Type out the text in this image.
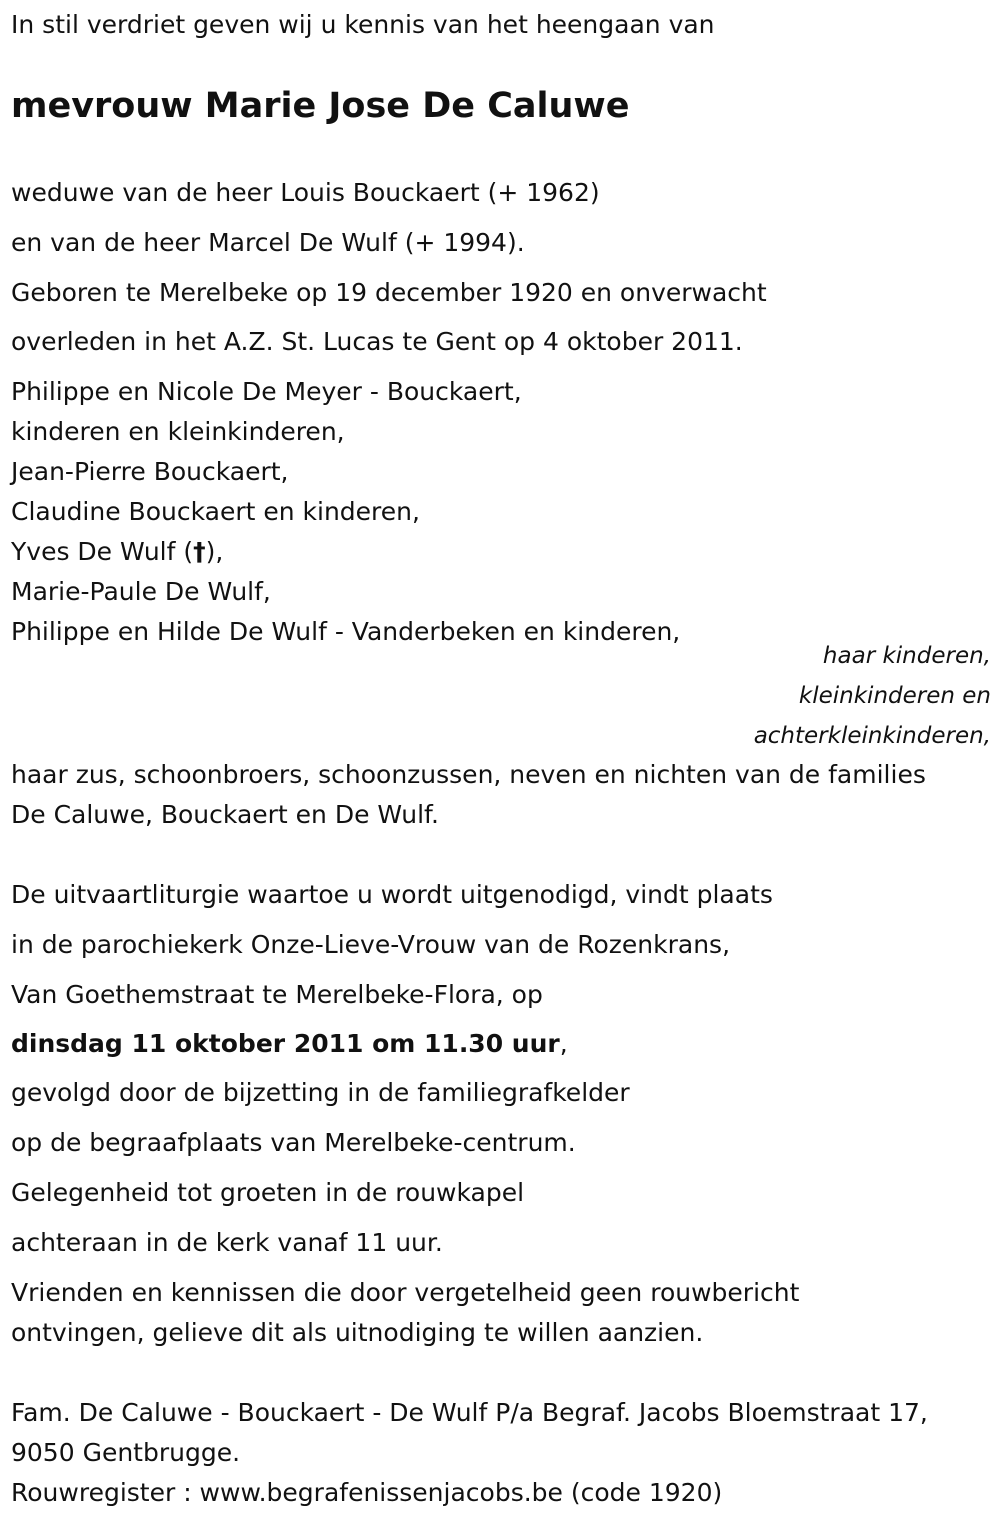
In stil verdriet geven wij u kennis van het heengaan van

mevrouw Marie Jose De Caluwe

weduwe van de heer Louis Bouckaert (+ 1962)

en van de heer Marcel De Wulf (+ 1994).

Geboren te Merelbeke op 19 december 1920 en onverwacht

overleden in het A.Z. St. Lucas te Gent op 4 oktober 2011.

Philippe en Nicole De Meyer - Bouckaert,

kinderen en kleinkinderen,

Jean-Pierre Bouckaert,

Claudine Bouckaert en kinderen,

Yves De Wulf (†),

Marie-Paule De Wulf,

Philippe en Hilde De Wulf - Vanderbeken en kinderen,

haar kinderen,

kleinkinderen en

achterkleinkinderen,

haar zus, schoonbroers, schoonzussen, neven en nichten van de families

De Caluwe, Bouckaert en De Wulf.

De uitvaartliturgie waartoe u wordt uitgenodigd, vindt plaats

in de parochiekerk Onze-Lieve-Vrouw van de Rozenkrans,

Van Goethemstraat te Merelbeke-Flora, op

dinsdag 11 oktober 2011 om 11.30 uur,

gevolgd door de bijzetting in de familiegrafkelder

op de begraafplaats van Merelbeke-centrum.

Gelegenheid tot groeten in de rouwkapel

achteraan in de kerk vanaf 11 uur.

Vrienden en kennissen die door vergetelheid geen rouwbericht

ontvingen, gelieve dit als uitnodiging te willen aanzien.

Fam. De Caluwe - Bouckaert - De Wulf P/a Begraf. Jacobs Bloemstraat 17,

9050 Gentbrugge.

Rouwregister : www.begrafenissenjacobs.be (code 1920)
